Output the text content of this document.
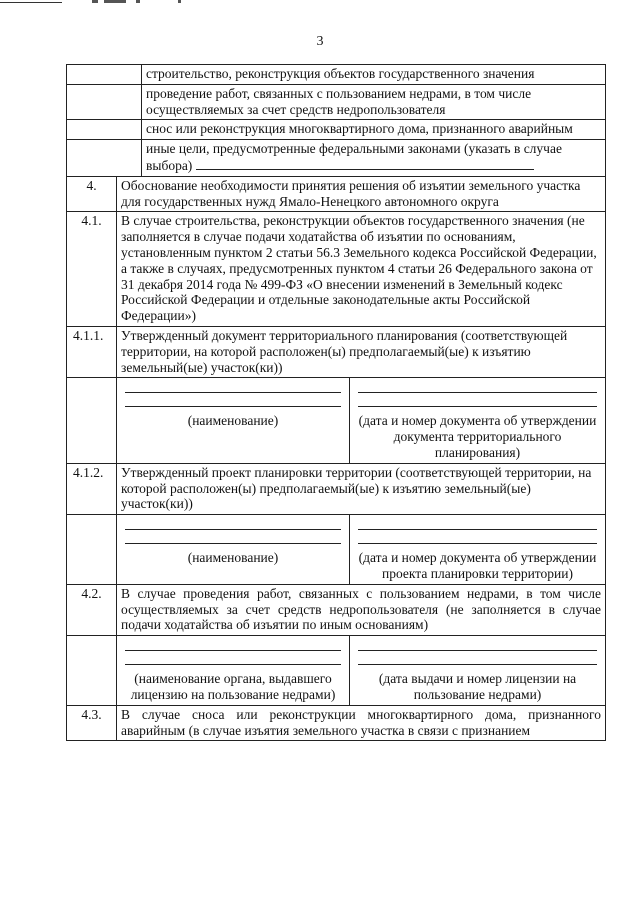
3
		строительство, реконструкция объектов государственного значения	
		проведение работ, связанных с пользованием недрами, в том числе осуществляемых за счет средств недропользователя	
		снос или реконструкция многоквартирного дома, признанного аварийным	
		иные цели, предусмотренные федеральными законами (указать в случае выбора)	
4.	Обоснование необходимости принятия решения об изъятии земельного участка для государственных нужд Ямало-Ненецкого автономного округа		
4.1.	В случае строительства, реконструкции объектов государственного значения (не заполняется в случае подачи ходатайства об изъятии по основаниям, установленным пунктом 2 статьи 56.3 Земельного кодекса Российской Федерации, а также в случаях, предусмотренных пунктом 4 статьи 26 Федерального закона от 31 декабря 2014 года № 499-ФЗ «О внесении изменений в Земельный кодекс Российской Федерации и отдельные законодательные акты Российской Федерации»)		
4.1.1.	Утвержденный документ территориального планирования (соответствующей территории, на которой расположен(ы) предполагаемый(ые) к изъятию земельный(ые) участок(ки))		

	(наименование)		(дата и номер документа об утверждении документа территориального планирования)

4.1.2.	Утвержденный проект планировки территории (соответствующей территории, на которой расположен(ы) предполагаемый(ые) к изъятию земельный(ые) участок(ки))		

	(наименование)		(дата и номер документа об утверждении проекта планировки территории)

4.2.	В случае проведения работ, связанных с пользованием недрами, в том числе осуществляемых за счет средств недропользователя (не заполняется в случае подачи ходатайства об изъятии по иным основаниям)		

	(наименование органа, выдавшего лицензию на пользование недрами)		(дата выдачи и номер лицензии на пользование недрами)

4.3.	В случае сноса или реконструкции многоквартирного дома, признанного аварийным (в случае изъятия земельного участка в связи с признанием		
